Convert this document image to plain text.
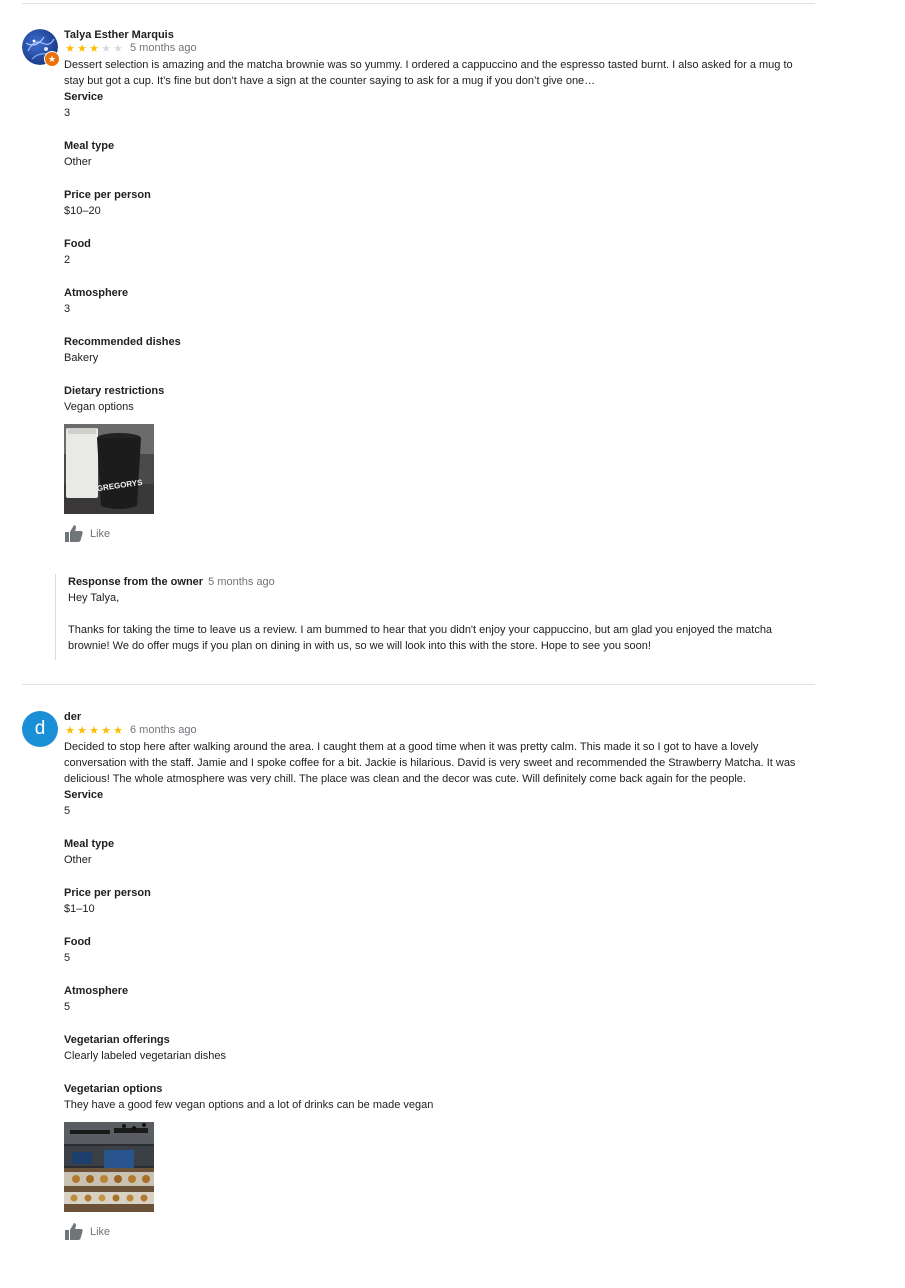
★
Talya Esther Marquis
★ ★ ★ ★ ★ 5 months ago
Dessert selection is amazing and the matcha brownie was so yummy. I ordered a cappuccino and the espresso tasted burnt. I also asked for a mug to stay but got a cup. It’s fine but don’t have a sign at the counter saying to ask for a mug if you don’t give one…
Service
3
Meal type
Other
Price per person
$10–20
Food
2
Atmosphere
3
Recommended dishes
Bakery
Dietary restrictions
Vegan options
GREGORYS
Like
Response from the owner 5 months ago
Hey Talya,
Thanks for taking the time to leave us a review. I am bummed to hear that you didn't enjoy your cappuccino, but am glad you enjoyed the matcha brownie! We do offer mugs if you plan on dining in with us, so we will look into this with the store. Hope to see you soon!
d
der
★ ★ ★ ★ ★ 6 months ago
Decided to stop here after walking around the area. I caught them at a good time when it was pretty calm. This made it so I got to have a lovely conversation with the staff. Jamie and I spoke coffee for a bit. Jackie is hilarious. David is very sweet and recommended the Strawberry Matcha. It was delicious! The whole atmosphere was very chill. The place was clean and the decor was cute. Will definitely come back again for the people.
Service
5
Meal type
Other
Price per person
$1–10
Food
5
Atmosphere
5
Vegetarian offerings
Clearly labeled vegetarian dishes
Vegetarian options
They have a good few vegan options and a lot of drinks can be made vegan
Like
